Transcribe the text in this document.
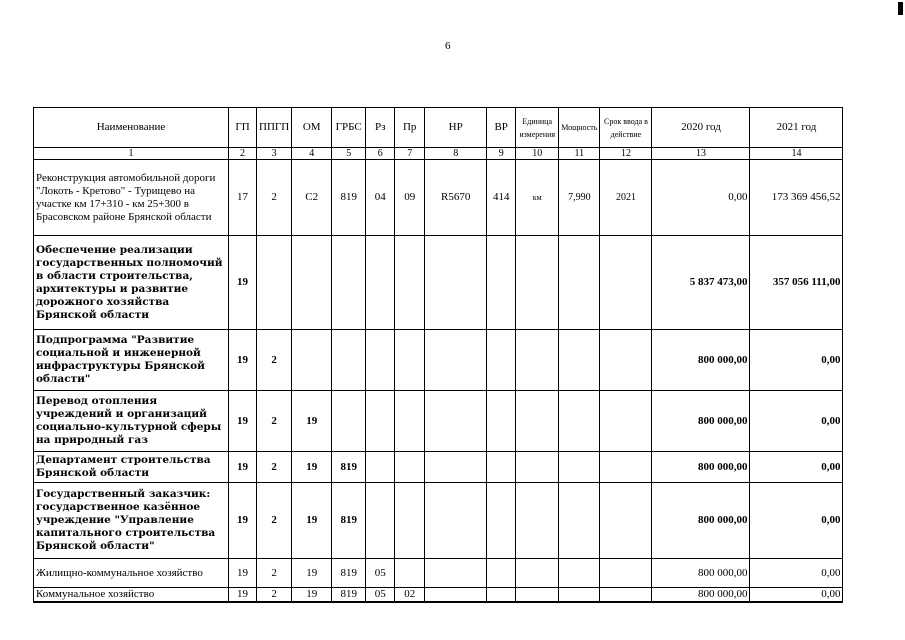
6
Наименование	ГП	ППГП	ОМ	ГРБС	Рз	Пр	НР	ВР	Единица измерения	Мощность	Срок ввода в действие	2020 год	2021 год
1	2	3	4	5	6	7	8	9	10	11	12	13	14
Реконструкция автомобильной дороги "Локоть - Кретово" - Турищево на участке км 17+310 - км 25+300 в Брасовском районе Брянской области	17	2	С2	819	04	09	R5670	414	км	7,990	2021	0,00	173 369 456,52
Обеспечение реализации государственных полномочий в области строительства, архитектуры и развитие дорожного хозяйства Брянской области	19											5 837 473,00	357 056 111,00
Подпрограмма "Развитие социальной и инженерной инфраструктуры Брянской области"	19	2										800 000,00	0,00
Перевод отопления учреждений и организаций социально-культурной сферы на природный газ	19	2	19									800 000,00	0,00
Департамент строительства Брянской области	19	2	19	819								800 000,00	0,00
Государственный заказчик: государственное казённое учреждение "Управление капитального строительства Брянской области"	19	2	19	819								800 000,00	0,00
Жилищно-коммунальное хозяйство	19	2	19	819	05							800 000,00	0,00
Коммунальное хозяйство	19	2	19	819	05	02						800 000,00	0,00
